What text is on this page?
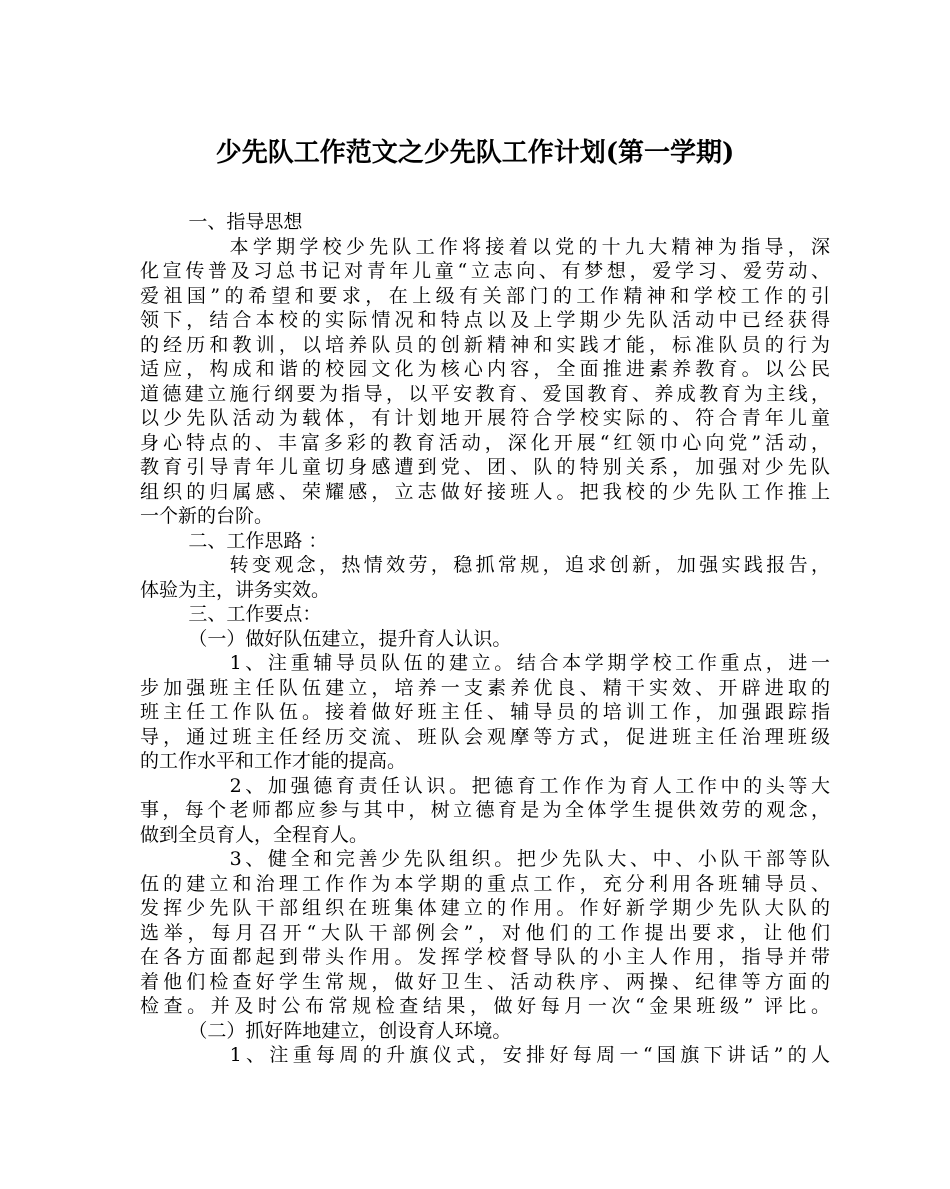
少先队工作范文之少先队工作计划(第一学期)
一、指导思想
本学期学校少先队工作将接着以党的十九大精神为指导，深
化宣传普及习总书记对青年儿童“立志向、有梦想，爱学习、爱劳动、
爱祖国”的希望和要求，在上级有关部门的工作精神和学校工作的引
领下，结合本校的实际情况和特点以及上学期少先队活动中已经获得
的经历和教训，以培养队员的创新精神和实践才能，标准队员的行为
适应，构成和谐的校园文化为核心内容，全面推进素养教育。以公民
道德建立施行纲要为指导，以平安教育、爱国教育、养成教育为主线，
以少先队活动为载体，有计划地开展符合学校实际的、符合青年儿童
身心特点的、丰富多彩的教育活动，深化开展“红领巾心向党”活动，
教育引导青年儿童切身感遭到党、团、队的特别关系，加强对少先队
组织的归属感、荣耀感，立志做好接班人。把我校的少先队工作推上
一个新的台阶。
二、工作思路 ：
转变观念，热情效劳，稳抓常规，追求创新，加强实践报告，
体验为主，讲务实效。
三、工作要点：
（一）做好队伍建立，提升育人认识。
1、注重辅导员队伍的建立。结合本学期学校工作重点，进一
步加强班主任队伍建立，培养一支素养优良、精干实效、开辟进取的
班主任工作队伍。接着做好班主任、辅导员的培训工作，加强跟踪指
导，通过班主任经历交流、班队会观摩等方式，促进班主任治理班级
的工作水平和工作才能的提高。
2、加强德育责任认识。把德育工作作为育人工作中的头等大
事，每个老师都应参与其中，树立德育是为全体学生提供效劳的观念，
做到全员育人，全程育人。
3、健全和完善少先队组织。把少先队大、中、小队干部等队
伍的建立和治理工作作为本学期的重点工作，充分利用各班辅导员、
发挥少先队干部组织在班集体建立的作用。作好新学期少先队大队的
选举，每月召开“大队干部例会”，对他们的工作提出要求，让他们
在各方面都起到带头作用。发挥学校督导队的小主人作用，指导并带
着他们检查好学生常规，做好卫生、活动秩序、两操、纪律等方面的
检查。并及时公布常规检查结果，做好每月一次“金果班级” 评比。
（二）抓好阵地建立，创设育人环境。
1、注重每周的升旗仪式，安排好每周一“国旗下讲话”的人
